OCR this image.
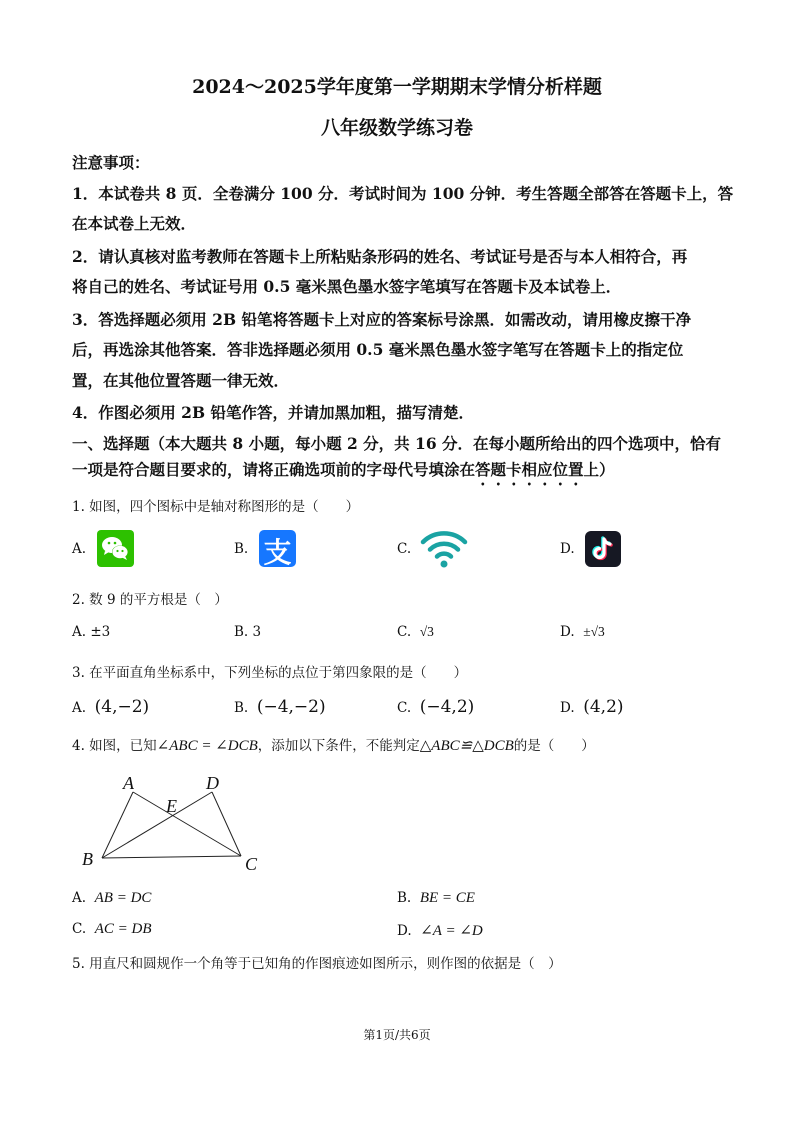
2024～2025学年度第一学期期末学情分析样题
八年级数学练习卷
注意事项：
1．本试卷共 8 页．全卷满分 100 分．考试时间为 100 分钟．考生答题全部答在答题卡上，答
在本试卷上无效．
2．请认真核对监考教师在答题卡上所粘贴条形码的姓名、考试证号是否与本人相符合，再
将自己的姓名、考试证号用 0.5 毫米黑色墨水签字笔填写在答题卡及本试卷上．
3．答选择题必须用 2B 铅笔将答题卡上对应的答案标号涂黑．如需改动，请用橡皮擦干净
后，再选涂其他答案．答非选择题必须用 0.5 毫米黑色墨水签字笔写在答题卡上的指定位
置，在其他位置答题一律无效．
4．作图必须用 2B 铅笔作答，并请加黑加粗，描写清楚．
一、选择题（本大题共 8 小题，每小题 2 分，共 16 分．在每小题所给出的四个选项中，恰有
一项是符合题目要求的，请将正确选项前的字母代号填涂在答题卡相应位置上）
1. 如图，四个图标中是轴对称图形的是（　　）
A.	B. 支	C.	D.
2. 数 9 的平方根是（　）
A. ±3	B. 3	C. √3	D. ±√3
3. 在平面直角坐标系中，下列坐标的点位于第四象限的是（　　）
A. (4,−2)	B. (−4,−2)	C. (−4,2)	D. (4,2)
4. 如图，已知∠ABC = ∠DCB，添加以下条件，不能判定△ABC≌△DCB的是（　　）
A	D
E
B	C
A. AB = DC	B. BE = CE
C. AC = DB	D. ∠A = ∠D
5. 用直尺和圆规作一个角等于已知角的作图痕迹如图所示，则作图的依据是（　）
第1页/共6页
